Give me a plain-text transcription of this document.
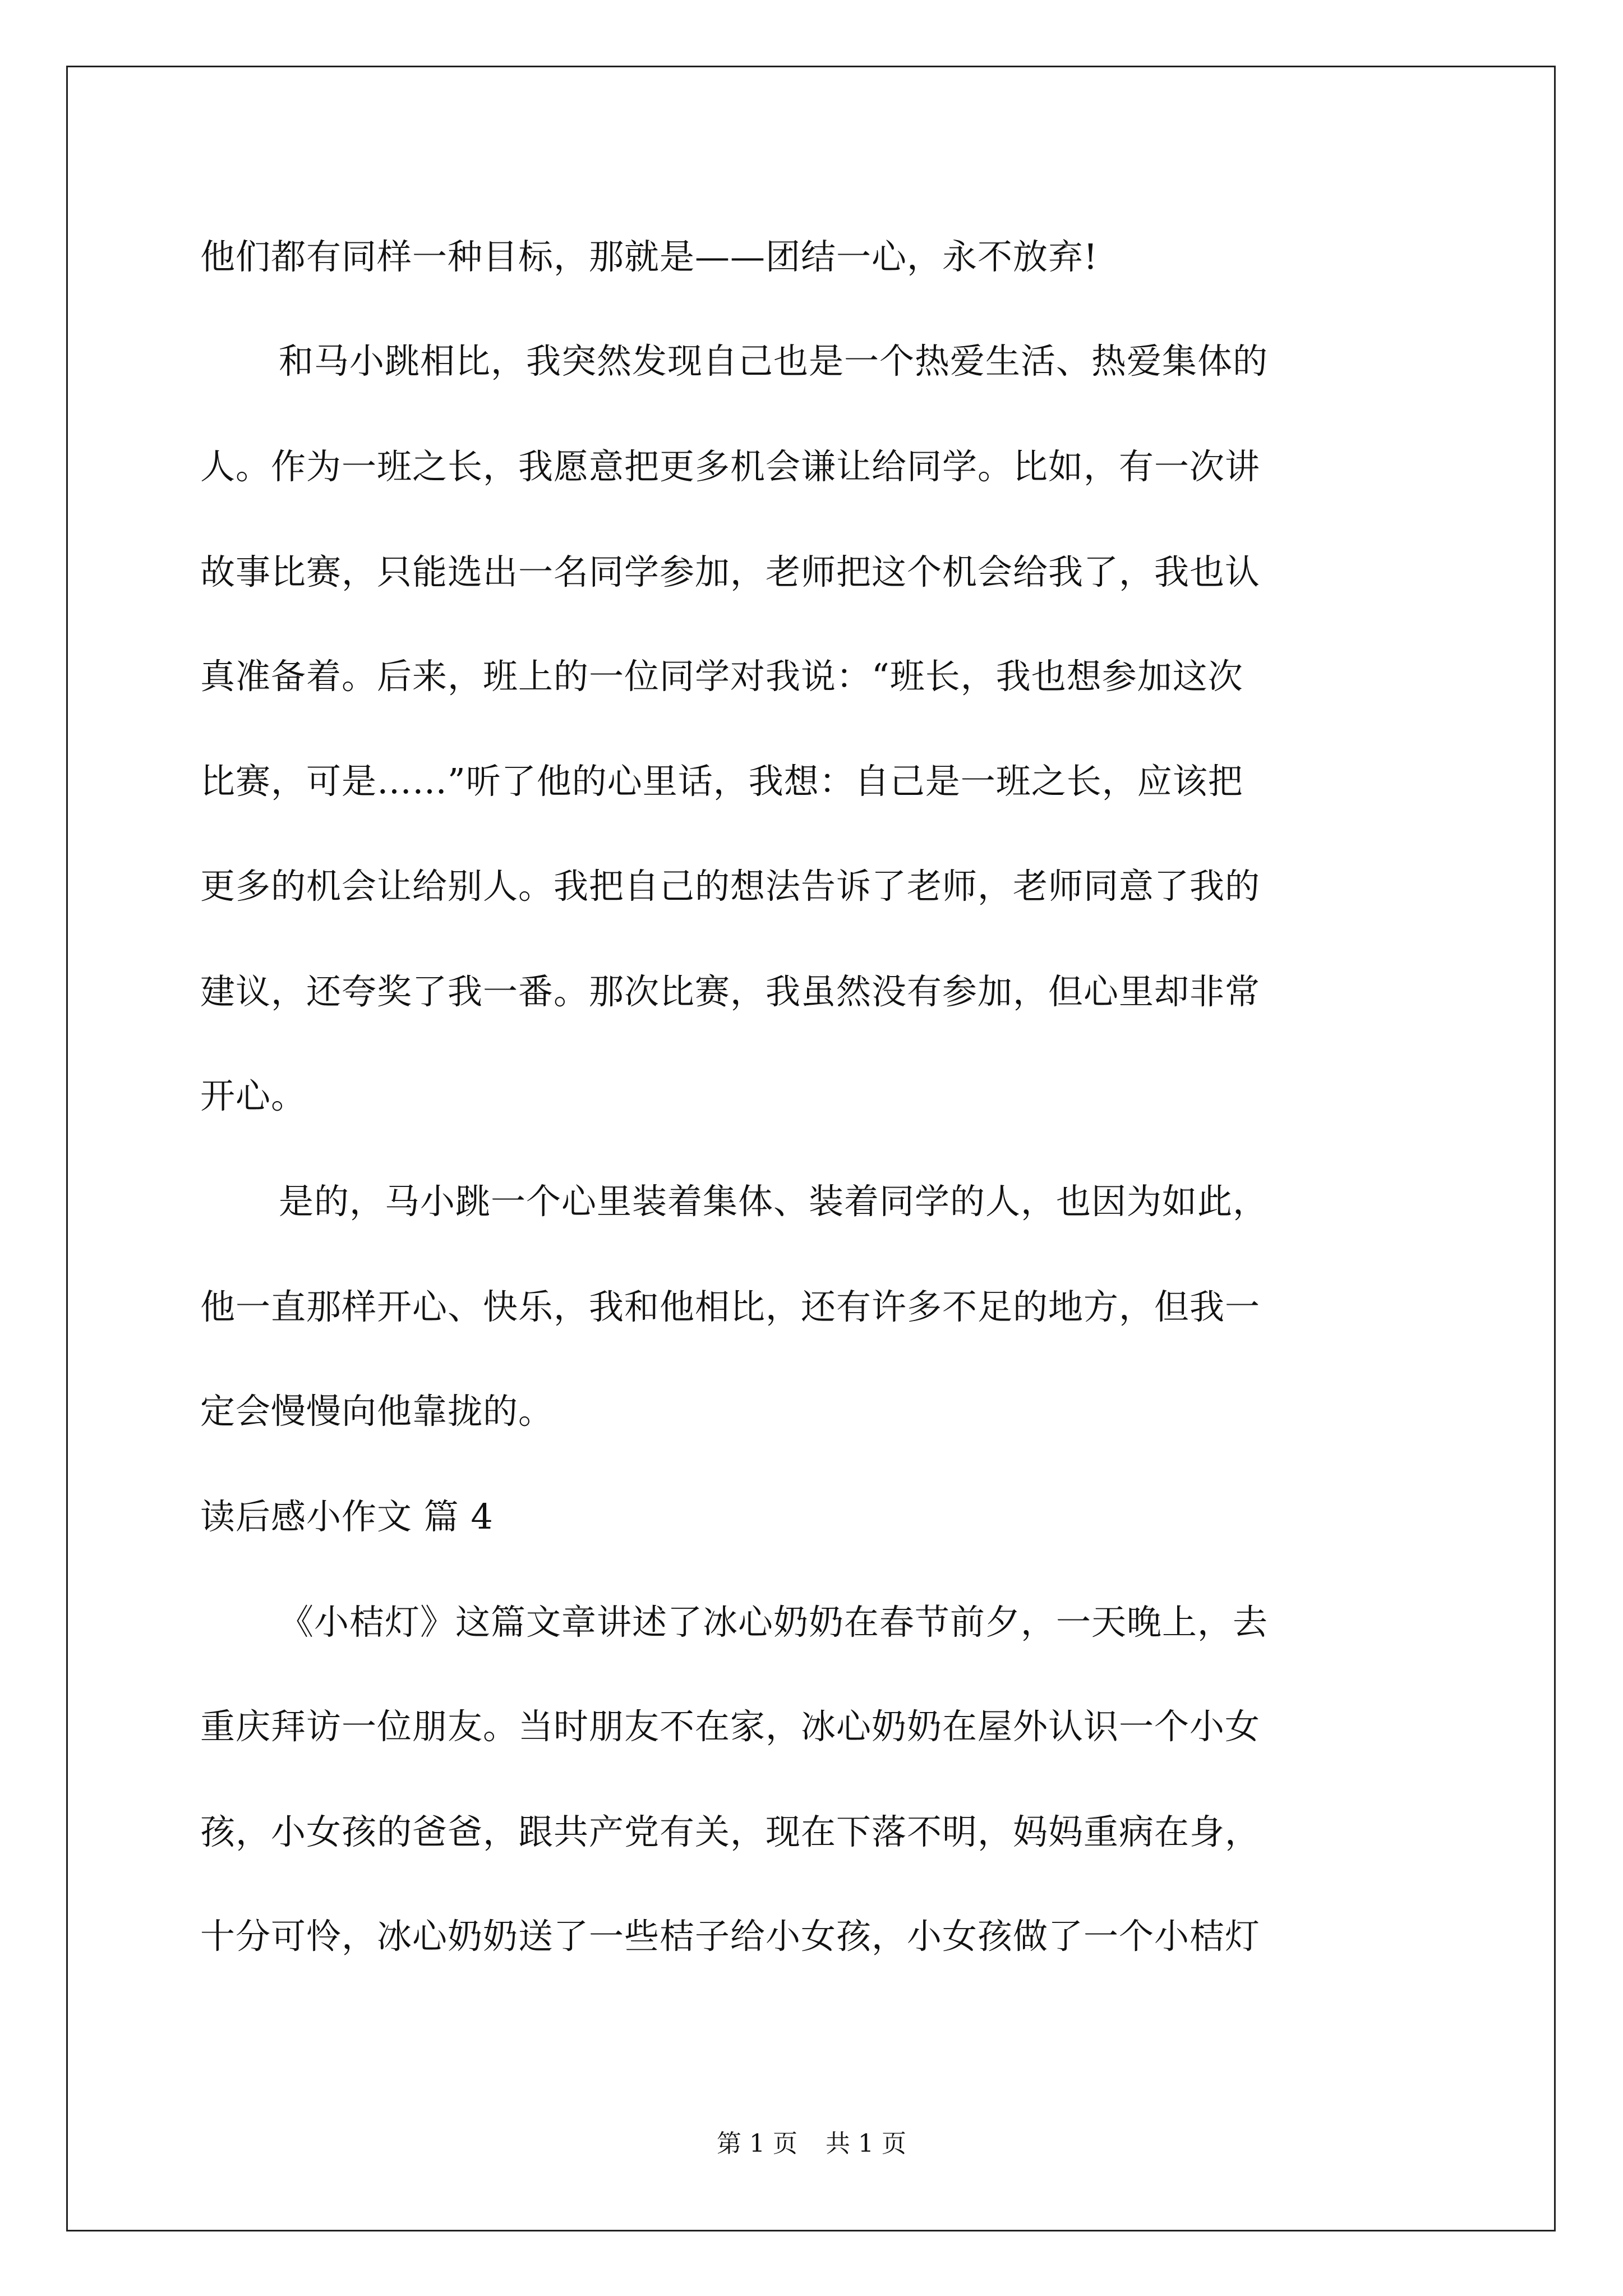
他们都有同样一种目标，那就是——团结一心，永不放弃!
和马小跳相比，我突然发现自己也是一个热爱生活、热爱集体的
人。作为一班之长，我愿意把更多机会谦让给同学。比如，有一次讲
故事比赛，只能选出一名同学参加，老师把这个机会给我了，我也认
真准备着。后来，班上的一位同学对我说：“班长，我也想参加这次
比赛，可是……”听了他的心里话，我想：自己是一班之长，应该把
更多的机会让给别人。我把自己的想法告诉了老师，老师同意了我的
建议，还夸奖了我一番。那次比赛，我虽然没有参加，但心里却非常
开心。
是的，马小跳一个心里装着集体、装着同学的人，也因为如此，
他一直那样开心、快乐，我和他相比，还有许多不足的地方，但我一
定会慢慢向他靠拢的。
读后感小作文 篇 4
《小桔灯》这篇文章讲述了冰心奶奶在春节前夕，一天晚上，去
重庆拜访一位朋友。当时朋友不在家，冰心奶奶在屋外认识一个小女
孩，小女孩的爸爸，跟共产党有关，现在下落不明，妈妈重病在身，
十分可怜，冰心奶奶送了一些桔子给小女孩，小女孩做了一个小桔灯
第 1 页 共 1 页
